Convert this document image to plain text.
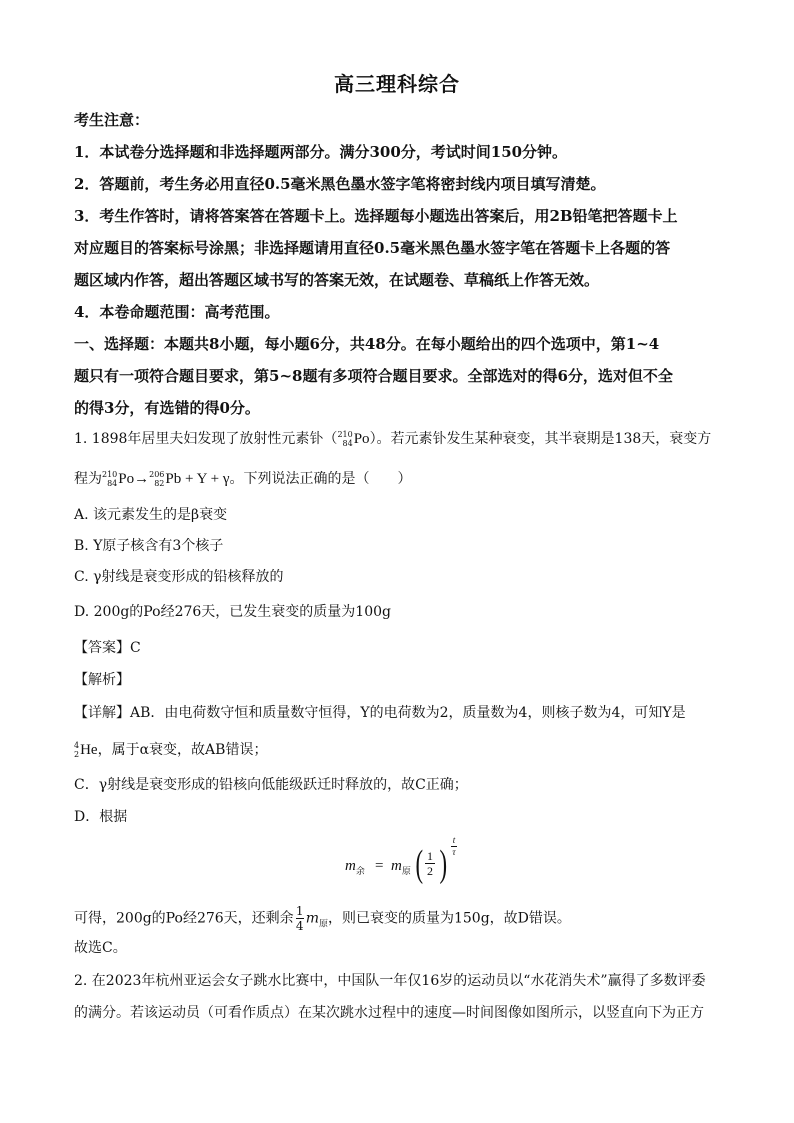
高三理科综合
考生注意：
1．本试卷分选择题和非选择题两部分。满分300分，考试时间150分钟。
2．答题前，考生务必用直径0.5毫米黑色墨水签字笔将密封线内项目填写清楚。
3．考生作答时，请将答案答在答题卡上。选择题每小题选出答案后，用2B铅笔把答题卡上
对应题目的答案标号涂黑；非选择题请用直径0.5毫米黑色墨水签字笔在答题卡上各题的答
题区域内作答，超出答题区域书写的答案无效，在试题卷、草稿纸上作答无效。
4．本卷命题范围：高考范围。
一、选择题：本题共8小题，每小题6分，共48分。在每小题给出的四个选项中，第1~4
题只有一项符合题目要求，第5~8题有多项符合题目要求。全部选对的得6分，选对但不全
的得3分，有选错的得0分。
1. 1898年居里夫妇发现了放射性元素钋（ 210
84 Po）。若元素钋发生某种衰变，其半衰期是138天，衰变方
程为 210
84 Po→ 206
82 Pb + Y + γ。下列说法正确的是（　　）
A. 该元素发生的是β衰变
B. Y原子核含有3个核子
C. γ射线是衰变形成的铅核释放的
D. 200g的Po经276天，已发生衰变的质量为100g
【答案】C
【解析】
【详解】AB．由电荷数守恒和质量数守恒得，Y的电荷数为2，质量数为4，则核子数为4，可知Y是
4
2 He，属于α衰变，故AB错误；
C．γ射线是衰变形成的铅核向低能级跃迁时释放的，故C正确；
D．根据
$m_余 = m_原$ ( 1
2 )
t
τ
可得，200g的Po经276天，还剩余 $\frac{1}{4} m_原$，则已衰变的质量为150g，故D错误。
故选C。
2. 在2023年杭州亚运会女子跳水比赛中，中国队一年仅16岁的运动员以“水花消失术”赢得了多数评委
的满分。若该运动员（可看作质点）在某次跳水过程中的速度—时间图像如图所示，以竖直向下为正方
